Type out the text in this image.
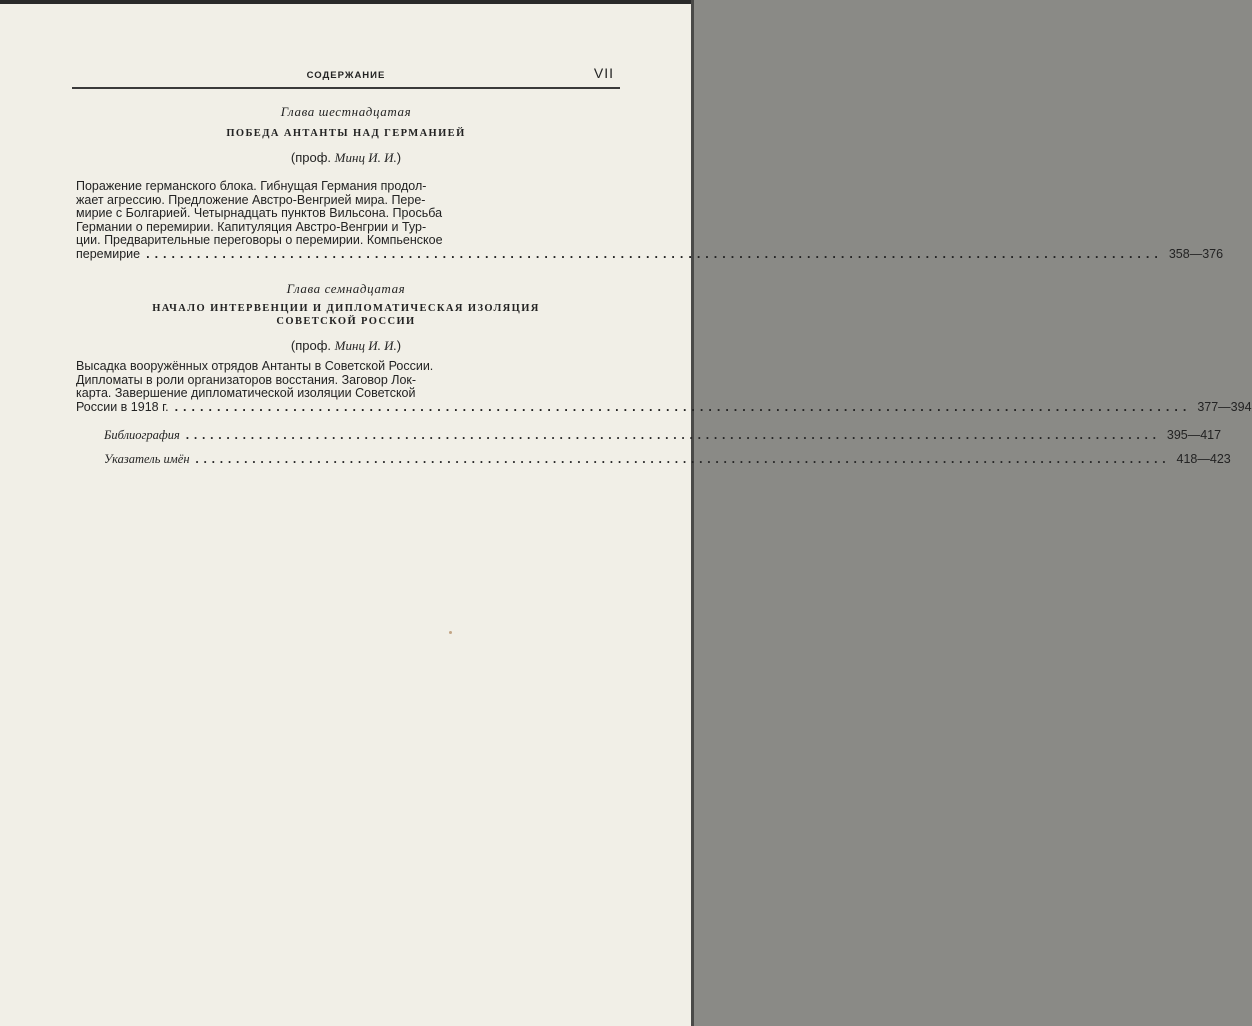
СОДЕРЖАНИЕ	VII
Глава шестнадцатая
ПОБЕДА АНТАНТЫ НАД ГЕРМАНИЕЙ
(проф. Минц И. И.)
Поражение германского блока. Гибнущая Германия продол-
жает агрессию. Предложение Австро-Венгрией мира. Пере-
мирие с Болгарией. Четырнадцать пунктов Вильсона. Просьба
Германии о перемирии. Капитуляция Австро-Венгрии и Тур-
ции. Предварительные переговоры о перемирии. Компьенское
перемирие ........................................................................................................................ 358—376
Глава семнадцатая
НАЧАЛО ИНТЕРВЕНЦИИ И ДИПЛОМАТИЧЕСКАЯ ИЗОЛЯЦИЯ
СОВЕТСКОЙ РОССИИ
(проф. Минц И. И.)
Высадка вооружённых отрядов Антанты в Советской России.
Дипломаты в роли организаторов восстания. Заговор Лок-
карта. Завершение дипломатической изоляции Советской
России в 1918 г. ........................................................................................................................ 377—394
Библиография ........................................................................................................................ 395—417
Указатель имён ........................................................................................................................ 418—423
